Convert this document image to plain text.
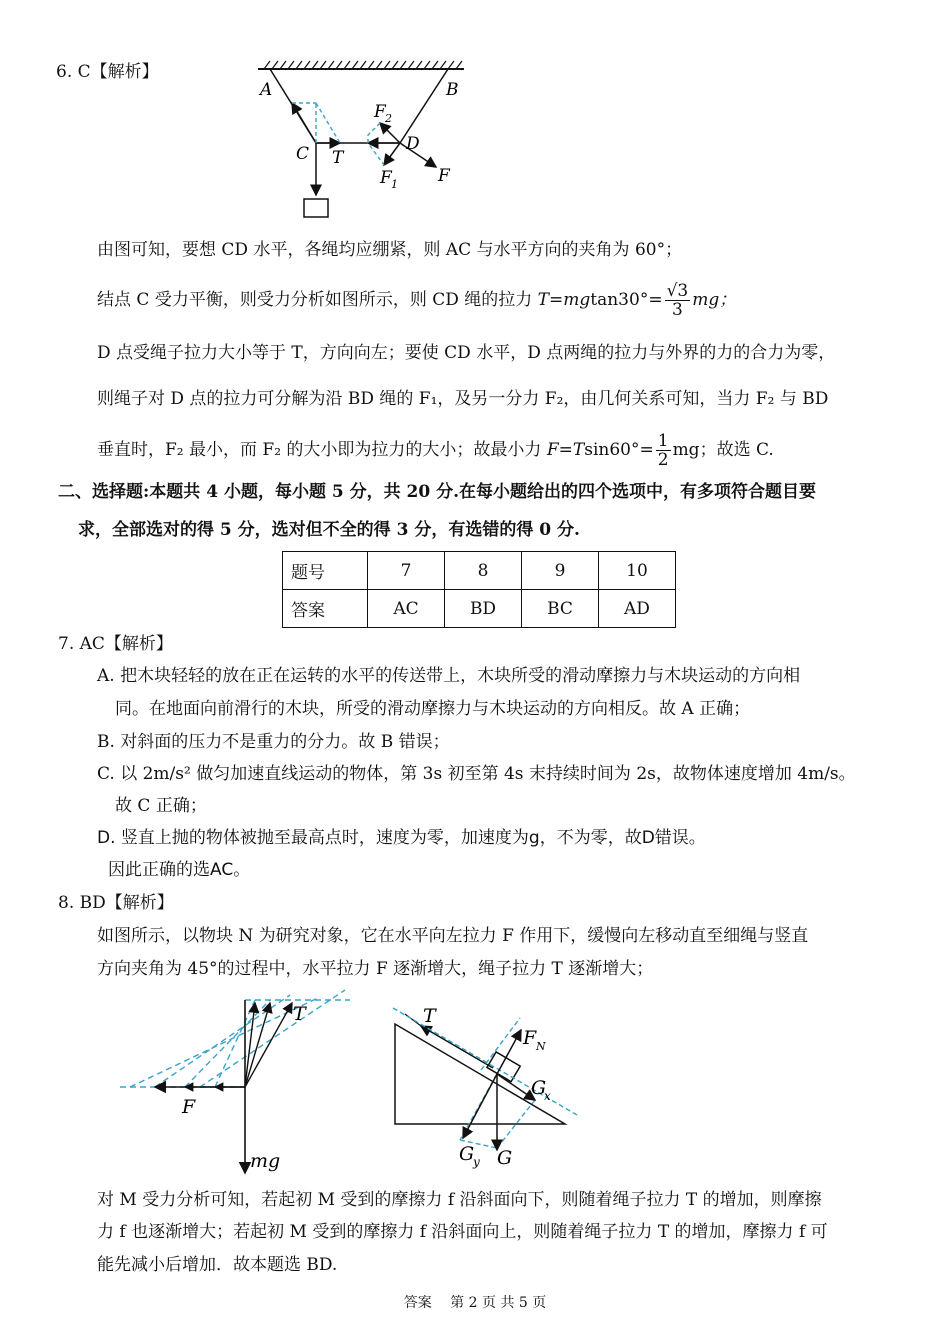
6. C【解析】
A	B
C T
D
F
F 1
F 2
由图可知，要想 CD 水平，各绳均应绷紧，则 AC 与水平方向的夹角为 60°；
结点 C 受力平衡，则受力分析如图所示，则 CD 绳的拉力 $T=mgtan30^\circ= \frac{√3}{3}$ mg；
D 点受绳子拉力大小等于 T，方向向左；要使 CD 水平，D 点两绳的拉力与外界的力的合力为零，
则绳子对 D 点的拉力可分解为沿 BD 绳的 F₁，及另一分力 F₂，由几何关系可知，当力 F₂ 与 BD
垂直时，F₂ 最小，而 F₂ 的大小即为拉力的大小；故最小力 $F=Tsin60^\circ= \frac{1}{2}$ mg；故选 C.
二、选择题:本题共 4 小题，每小题 5 分，共 20 分.在每小题给出的四个选项中，有多项符合题目要
求，全部选对的得 5 分，选对但不全的得 3 分，有选错的得 0 分.
题号	7	8	9	10
答案	AC	BD	BC	AD
7. AC【解析】
A. 把木块轻轻的放在正在运转的水平的传送带上，木块所受的滑动摩擦力与木块运动的方向相
同。在地面向前滑行的木块，所受的滑动摩擦力与木块运动的方向相反。故 A 正确；
B. 对斜面的压力不是重力的分力。故 B 错误；
C. 以 2m/s² 做匀加速直线运动的物体，第 3s 初至第 4s 末持续时间为 2s，故物体速度增加 4m/s。
故 C 正确；
D. 竖直上抛的物体被抛至最高点时，速度为零，加速度为g，不为零，故D错误。
因此正确的选AC。
8. BD【解析】
如图所示，以物块 N 为研究对象，它在水平向左拉力 F 作用下，缓慢向左移动直至细绳与竖直
方向夹角为 45°的过程中，水平拉力 F 逐渐增大，绳子拉力 T 逐渐增大；
T
F
mg
T
F N
G
x
G
y G
对 M 受力分析可知，若起初 M 受到的摩擦力 f 沿斜面向下，则随着绳子拉力 T 的增加，则摩擦
力 f 也逐渐增大；若起初 M 受到的摩擦力 f 沿斜面向上，则随着绳子拉力 T 的增加，摩擦力 f 可
能先减小后增加．故本题选 BD.
答案　 第 2 页 共 5 页
